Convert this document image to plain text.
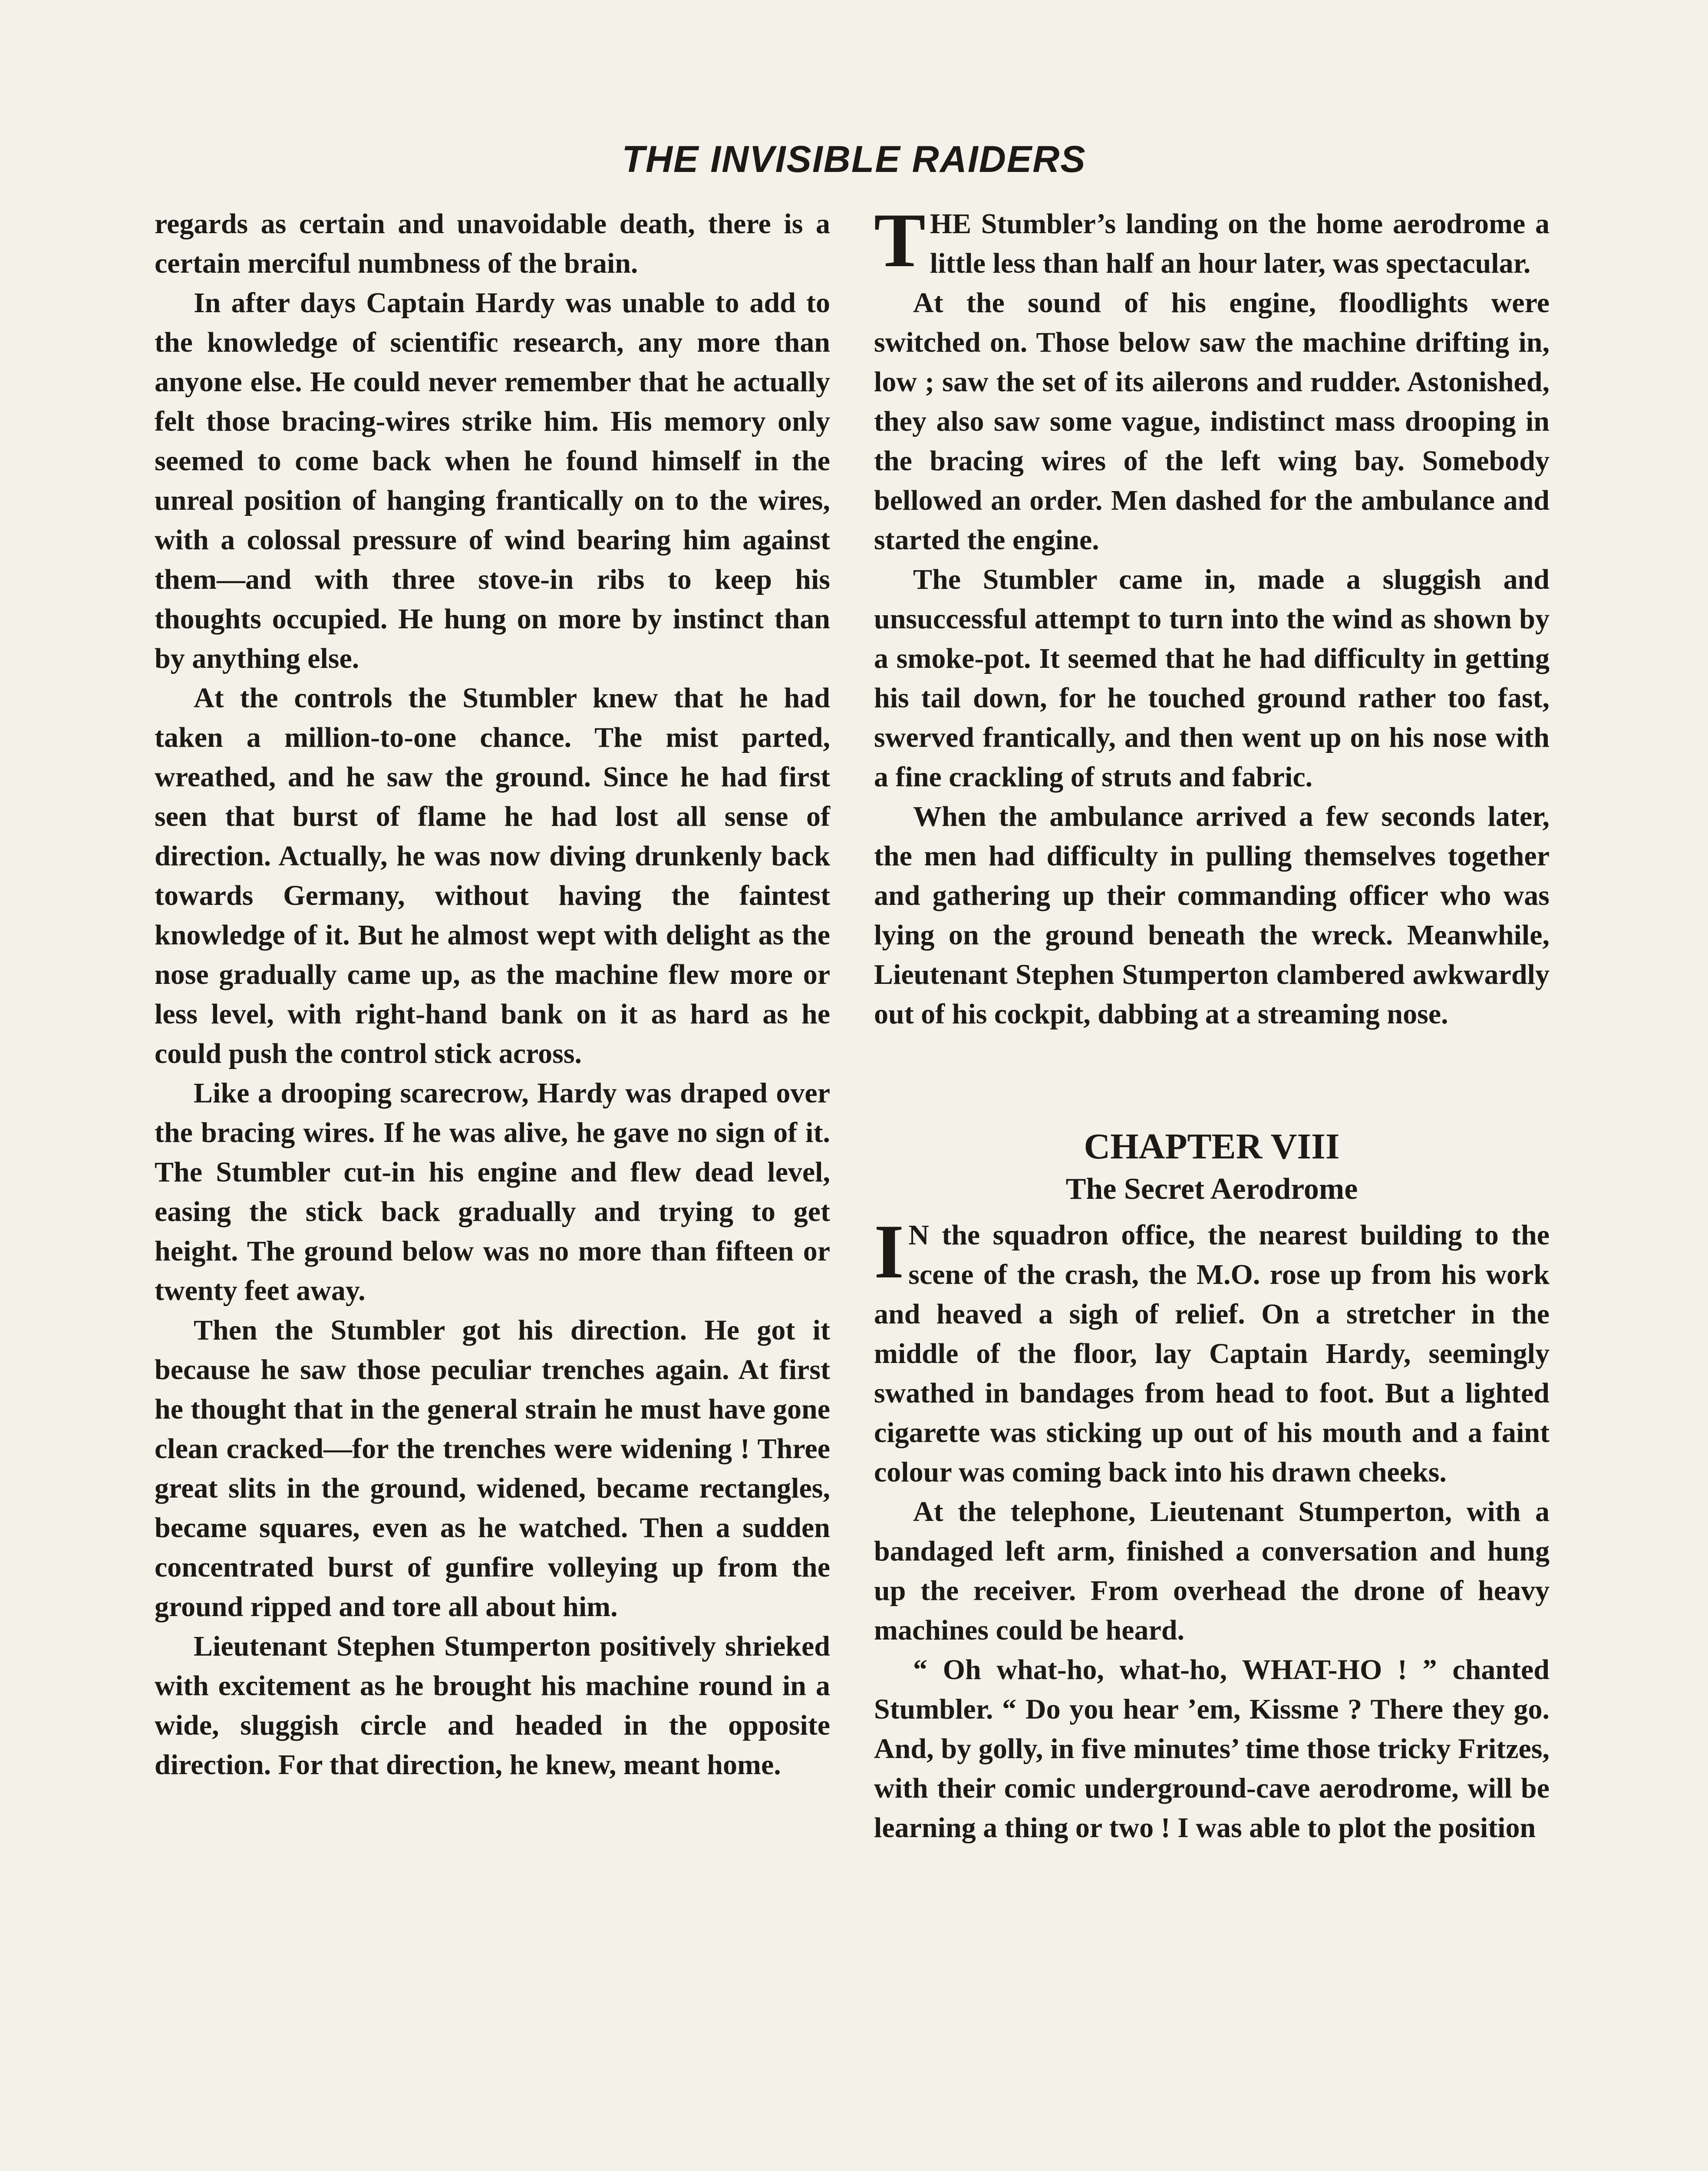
THE INVISIBLE RAIDERS

regards as certain and unavoidable death, there is a certain merciful numbness of the brain.

In after days Captain Hardy was unable to add to the knowledge of scientific research, any more than anyone else. He could never remember that he actually felt those bracing-wires strike him. His memory only seemed to come back when he found himself in the unreal position of hanging frantically on to the wires, with a colossal pressure of wind bearing him against them—and with three stove-in ribs to keep his thoughts occupied. He hung on more by instinct than by anything else.

At the controls the Stumbler knew that he had taken a million-to-one chance. The mist parted, wreathed, and he saw the ground. Since he had first seen that burst of flame he had lost all sense of direction. Actually, he was now diving drunkenly back towards Germany, without having the faintest knowledge of it. But he almost wept with delight as the nose gradually came up, as the machine flew more or less level, with right-hand bank on it as hard as he could push the control stick across.

Like a drooping scarecrow, Hardy was draped over the bracing wires. If he was alive, he gave no sign of it. The Stumbler cut-in his engine and flew dead level, easing the stick back gradually and trying to get height. The ground below was no more than fifteen or twenty feet away.

Then the Stumbler got his direction. He got it because he saw those peculiar trenches again. At first he thought that in the general strain he must have gone clean cracked—for the trenches were widening ! Three great slits in the ground, widened, became rectangles, became squares, even as he watched. Then a sudden concentrated burst of gunfire volleying up from the ground ripped and tore all about him.

Lieutenant Stephen Stumperton positively shrieked with excitement as he brought his machine round in a wide, sluggish circle and headed in the opposite direction. For that direction, he knew, meant home.

THE Stumbler’s landing on the home aerodrome a little less than half an hour later, was spectacular.

At the sound of his engine, floodlights were switched on. Those below saw the machine drifting in, low ; saw the set of its ailerons and rudder. Astonished, they also saw some vague, indistinct mass drooping in the bracing wires of the left wing bay. Somebody bellowed an order. Men dashed for the ambulance and started the engine.

The Stumbler came in, made a sluggish and unsuccessful attempt to turn into the wind as shown by a smoke-pot. It seemed that he had difficulty in getting his tail down, for he touched ground rather too fast, swerved frantically, and then went up on his nose with a fine crackling of struts and fabric.

When the ambulance arrived a few seconds later, the men had difficulty in pulling themselves together and gathering up their commanding officer who was lying on the ground beneath the wreck. Meanwhile, Lieutenant Stephen Stumperton clambered awkwardly out of his cockpit, dabbing at a streaming nose.

CHAPTER VIII
The Secret Aerodrome

I N the squadron office, the nearest building to the scene of the crash, the M.O. rose up from his work and heaved a sigh of relief. On a stretcher in the middle of the floor, lay Captain Hardy, seemingly swathed in bandages from head to foot. But a lighted cigarette was sticking up out of his mouth and a faint colour was coming back into his drawn cheeks.

At the telephone, Lieutenant Stumperton, with a bandaged left arm, finished a conversation and hung up the receiver. From overhead the drone of heavy machines could be heard.

“ Oh what-ho, what-ho, WHAT-HO ! ” chanted Stumbler. “ Do you hear ’em, Kissme ? There they go. And, by golly, in five minutes’ time those tricky Fritzes, with their comic underground-cave aerodrome, will be learning a thing or two ! I was able to plot the position
